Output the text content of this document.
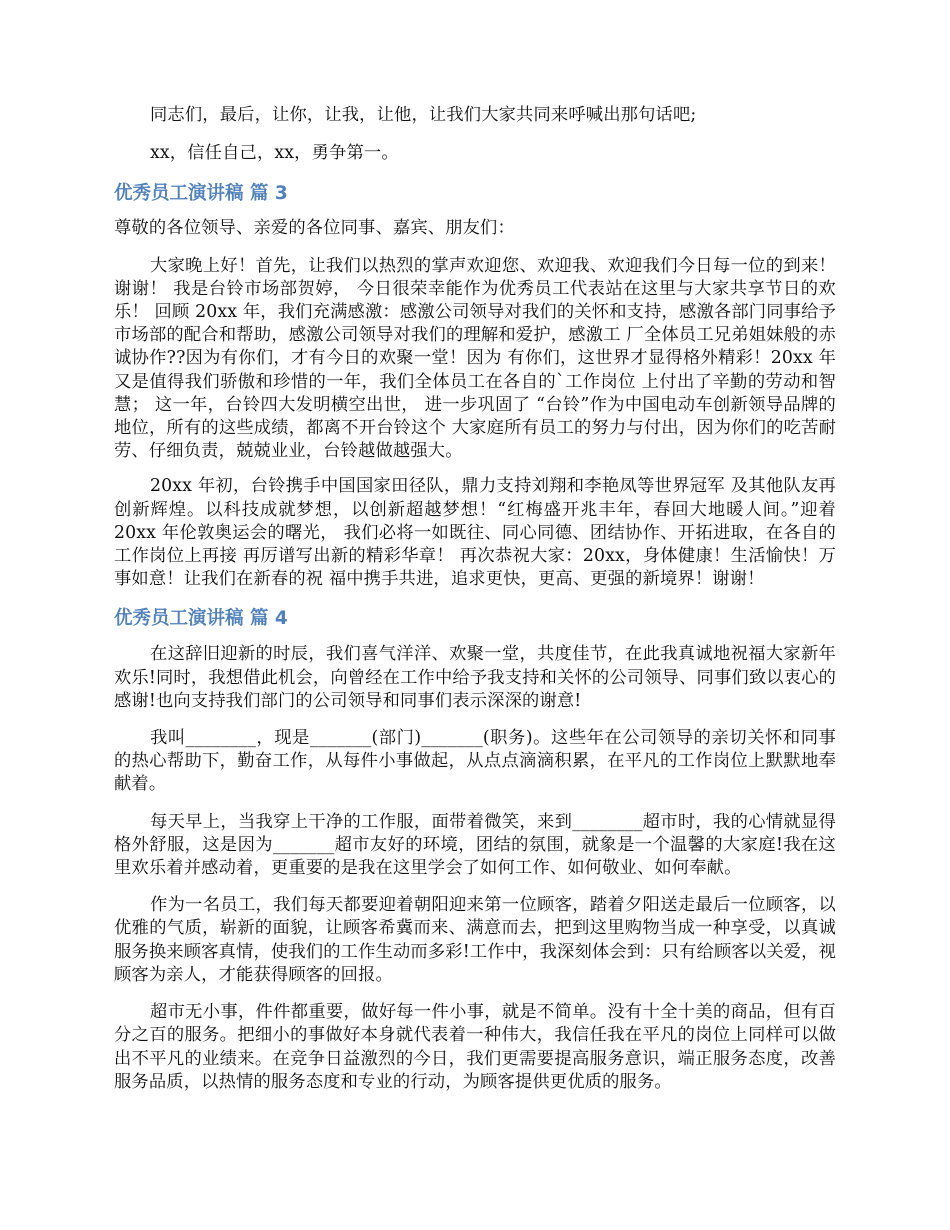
同志们，最后，让你，让我，让他，让我们大家共同来呼喊出那句话吧;

xx，信任自己，xx，勇争第一。

优秀员工演讲稿 篇 3

尊敬的各位领导、亲爱的各位同事、嘉宾、朋友们：

大家晚上好！首先，让我们以热烈的掌声欢迎您、欢迎我、欢迎我们今日每一位的到来！ 谢谢！ 我是台铃市场部贺婷， 今日很荣幸能作为优秀员工代表站在这里与大家共享节日的欢乐！ 回顾 20xx 年，我们充满感激：感激公司领导对我们的关怀和支持，感激各部门同事给予市场部的配合和帮助，感激公司领导对我们的理解和爱护，感激工 厂全体员工兄弟姐妹般的赤诚协作??因为有你们，才有今日的欢聚一堂！因为 有你们，这世界才显得格外精彩！20xx 年又是值得我们骄傲和珍惜的一年，我们全体员工在各自的`工作岗位 上付出了辛勤的劳动和智慧； 这一年，台铃四大发明横空出世， 进一步巩固了 “台铃”作为中国电动车创新领导品牌的地位，所有的这些成绩，都离不开台铃这个 大家庭所有员工的努力与付出，因为你们的吃苦耐劳、仔细负责，兢兢业业，台铃越做越强大。

20xx 年初，台铃携手中国国家田径队，鼎力支持刘翔和李艳凤等世界冠军 及其他队友再创新辉煌。以科技成就梦想，以创新超越梦想！“红梅盛开兆丰年，春回大地暖人间。”迎着 20xx 年伦敦奥运会的曙光， 我们必将一如既往、同心同德、团结协作、开拓进取，在各自的工作岗位上再接 再厉谱写出新的精彩华章！ 再次恭祝大家：20xx，身体健康！生活愉快！万事如意！让我们在新春的祝 福中携手共进，追求更快，更高、更强的新境界！谢谢！

优秀员工演讲稿 篇 4

在这辞旧迎新的时辰，我们喜气洋洋、欢聚一堂，共度佳节，在此我真诚地祝福大家新年欢乐!同时，我想借此机会，向曾经在工作中给予我支持和关怀的公司领导、同事们致以衷心的感谢!也向支持我们部门的公司领导和同事们表示深深的谢意!

我叫________，现是_______(部门)_______(职务)。这些年在公司领导的亲切关怀和同事的热心帮助下，勤奋工作，从每件小事做起，从点点滴滴积累，在平凡的工作岗位上默默地奉献着。

每天早上，当我穿上干净的工作服，面带着微笑，来到________超市时，我的心情就显得格外舒服，这是因为_______超市友好的环境，团结的氛围，就象是一个温馨的大家庭!我在这里欢乐着并感动着，更重要的是我在这里学会了如何工作、如何敬业、如何奉献。

作为一名员工，我们每天都要迎着朝阳迎来第一位顾客，踏着夕阳送走最后一位顾客，以优雅的气质，崭新的面貌，让顾客希冀而来、满意而去，把到这里购物当成一种享受，以真诚服务换来顾客真情，使我们的工作生动而多彩!工作中，我深刻体会到：只有给顾客以关爱，视顾客为亲人，才能获得顾客的回报。

超市无小事，件件都重要，做好每一件小事，就是不简单。没有十全十美的商品，但有百分之百的服务。把细小的事做好本身就代表着一种伟大，我信任我在平凡的岗位上同样可以做出不平凡的业绩来。在竞争日益激烈的今日，我们更需要提高服务意识，端正服务态度，改善服务品质，以热情的服务态度和专业的行动，为顾客提供更优质的服务。
